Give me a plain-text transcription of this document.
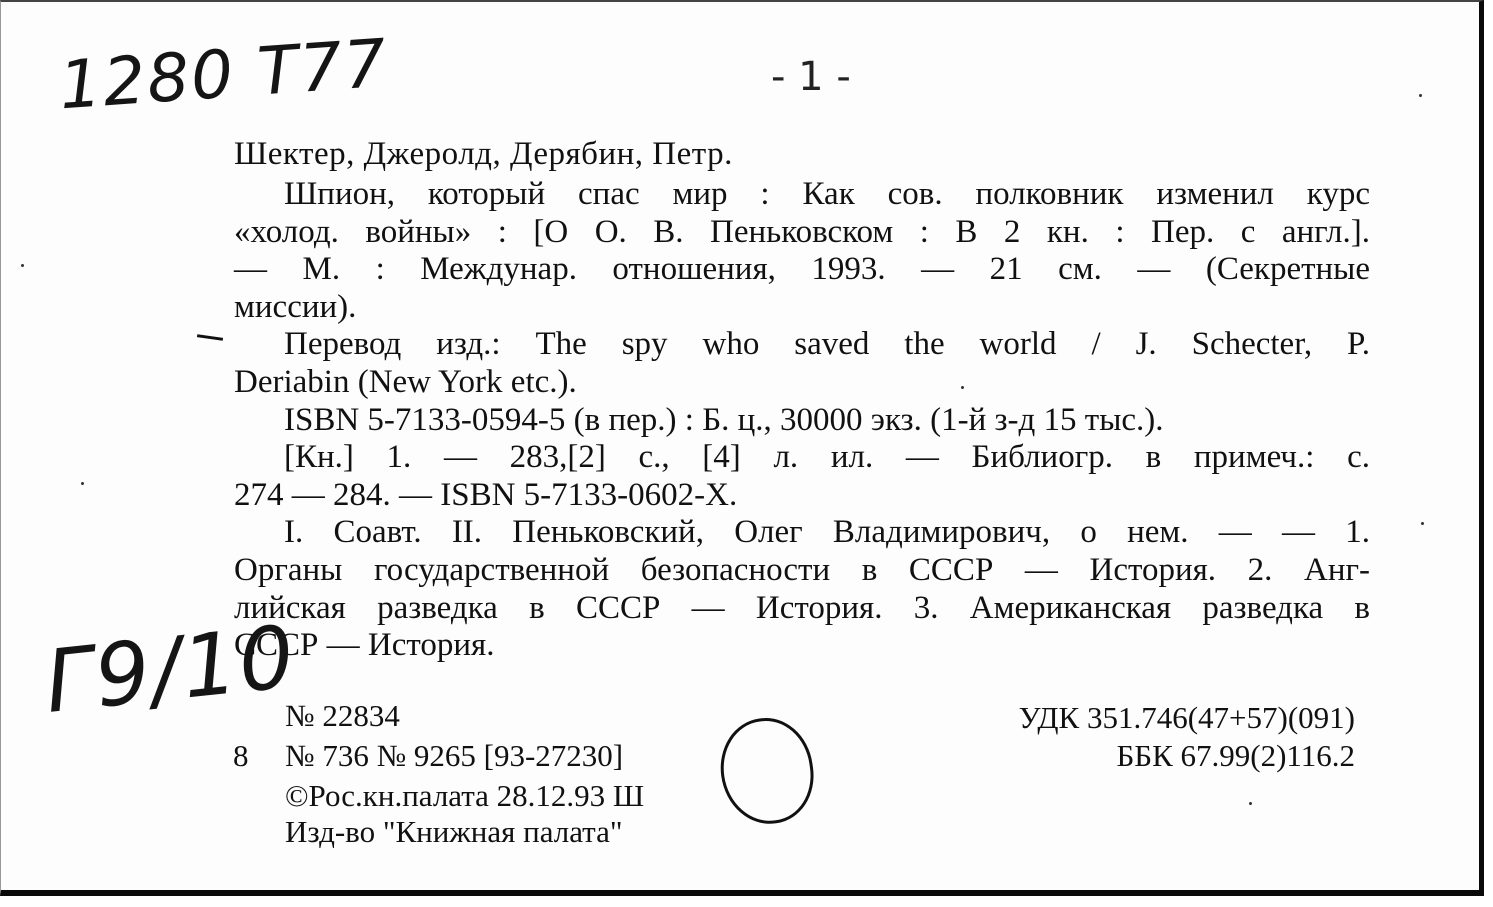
1280 Т77	- 1 -
Шектер, Джеролд, Дерябин, Петр.
Шпион, который спас мир : Как сов. полковник изменил курс
«холод. войны» : [О О. В. Пеньковском : В 2 кн. : Пер. с англ.].
— М. : Междунар. отношения, 1993. — 21 см. — (Секретные
миссии).
Перевод изд.: The spy who saved the world / J. Schecter, P.
Deriabin (New York etc.).
ISBN 5-7133-0594-5 (в пер.) : Б. ц., 30000 экз. (1-й з-д 15 тыс.).
[Кн.] 1. — 283,[2] с., [4] л. ил. — Библиогр. в примеч.: с.
274 — 284. — ISBN 5-7133-0602-Х.
I. Соавт. II. Пеньковский, Олег Владимирович, о нем. — — 1.
Органы государственной безопасности в СССР — История. 2. Анг-
лийская разведка в СССР — История. 3. Американская разведка в
СССР — История.
Г9/10
№ 22834
8 № 736 № 9265 [93-27230]
©Рос.кн.палата 28.12.93 Ш
Изд-во "Книжная палата"
УДК 351.746(47+57)(091)
ББК 67.99(2)116.2
